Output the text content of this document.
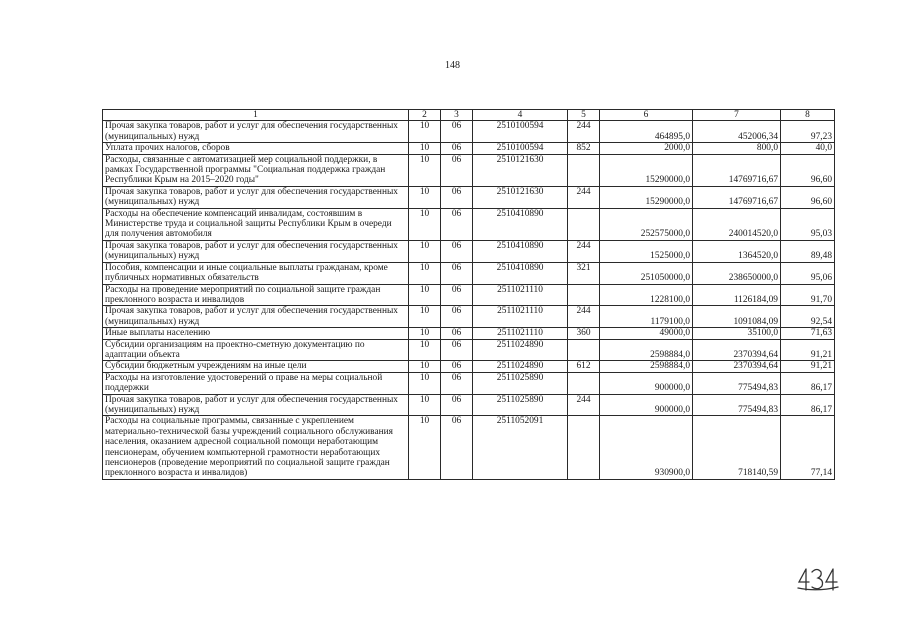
148
1	2	3	4	5	6	7	8
Прочая закупка товаров, работ и услуг для обеспечения государственных (муниципальных) нужд	10	06	2510100594	244	464895,0	452006,34	97,23
Уплата прочих налогов, сборов	10	06	2510100594	852	2000,0	800,0	40,0
Расходы, связанные с автоматизацией мер социальной поддержки, в рамках Государственной программы "Социальная поддержка граждан Республики Крым на 2015–2020 годы"	10	06	2510121630		15290000,0	14769716,67	96,60
Прочая закупка товаров, работ и услуг для обеспечения государственных (муниципальных) нужд	10	06	2510121630	244	15290000,0	14769716,67	96,60
Расходы на обеспечение компенсаций инвалидам, состоявшим в Министерстве труда и социальной защиты Республики Крым в очереди для получения автомобиля	10	06	2510410890		252575000,0	240014520,0	95,03
Прочая закупка товаров, работ и услуг для обеспечения государственных (муниципальных) нужд	10	06	2510410890	244	1525000,0	1364520,0	89,48
Пособия, компенсации и иные социальные выплаты гражданам, кроме публичных нормативных обязательств	10	06	2510410890	321	251050000,0	238650000,0	95,06
Расходы на проведение мероприятий по социальной защите граждан преклонного возраста и инвалидов	10	06	2511021110		1228100,0	1126184,09	91,70
Прочая закупка товаров, работ и услуг для обеспечения государственных (муниципальных) нужд	10	06	2511021110	244	1179100,0	1091084,09	92,54
Иные выплаты населению	10	06	2511021110	360	49000,0	35100,0	71,63
Субсидии организациям на проектно-сметную документацию по адаптации объекта	10	06	2511024890		2598884,0	2370394,64	91,21
Субсидии бюджетным учреждениям на иные цели	10	06	2511024890	612	2598884,0	2370394,64	91,21
Расходы на изготовление удостоверений о праве на меры социальной поддержки	10	06	2511025890		900000,0	775494,83	86,17
Прочая закупка товаров, работ и услуг для обеспечения государственных (муниципальных) нужд	10	06	2511025890	244	900000,0	775494,83	86,17
Расходы на социальные программы, связанные с укреплением материально-технической базы учреждений социального обслуживания населения, оказанием адресной социальной помощи неработающим пенсионерам, обучением компьютерной грамотности неработающих пенсионеров (проведение мероприятий по социальной защите граждан преклонного возраста и инвалидов)	10	06	2511052091		930900,0	718140,59	77,14
